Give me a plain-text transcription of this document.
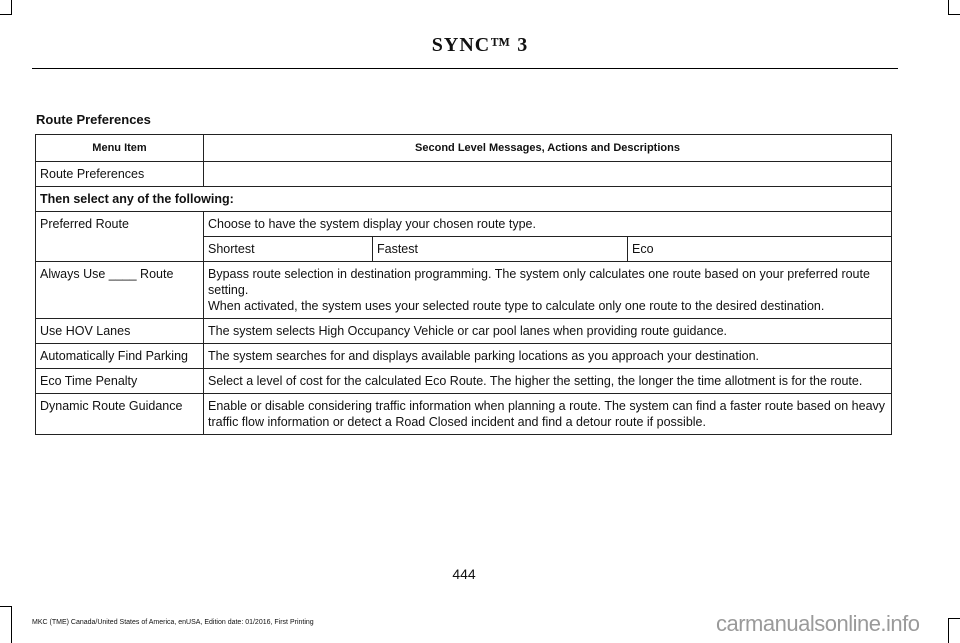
SYNC™ 3
Route Preferences
Menu Item	Second Level Messages, Actions and Descriptions		
Route Preferences			
Then select any of the following:			
Preferred Route	Choose to have the system display your chosen route type.		
	Shortest	Fastest	Eco
Always Use ____ Route	Bypass route selection in destination programming. The system only calculates one route based on your preferred route setting.
When activated, the system uses your selected route type to calculate only one route to the desired destination.		

Use HOV Lanes	The system selects High Occupancy Vehicle or car pool lanes when providing route guidance.		
Automatically Find Parking	The system searches for and displays available parking locations as you approach your destination.		
Eco Time Penalty	Select a level of cost for the calculated Eco Route. The higher the setting, the longer the time allotment is for the route.		
Dynamic Route Guidance	Enable or disable considering traffic information when planning a route. The system can find a faster route based on heavy traffic flow information or detect a Road Closed incident and find a detour route if possible.		
444
MKC (TME) Canada/United States of America, enUSA, Edition date: 01/2016, First Printing	carmanualsonline.info
